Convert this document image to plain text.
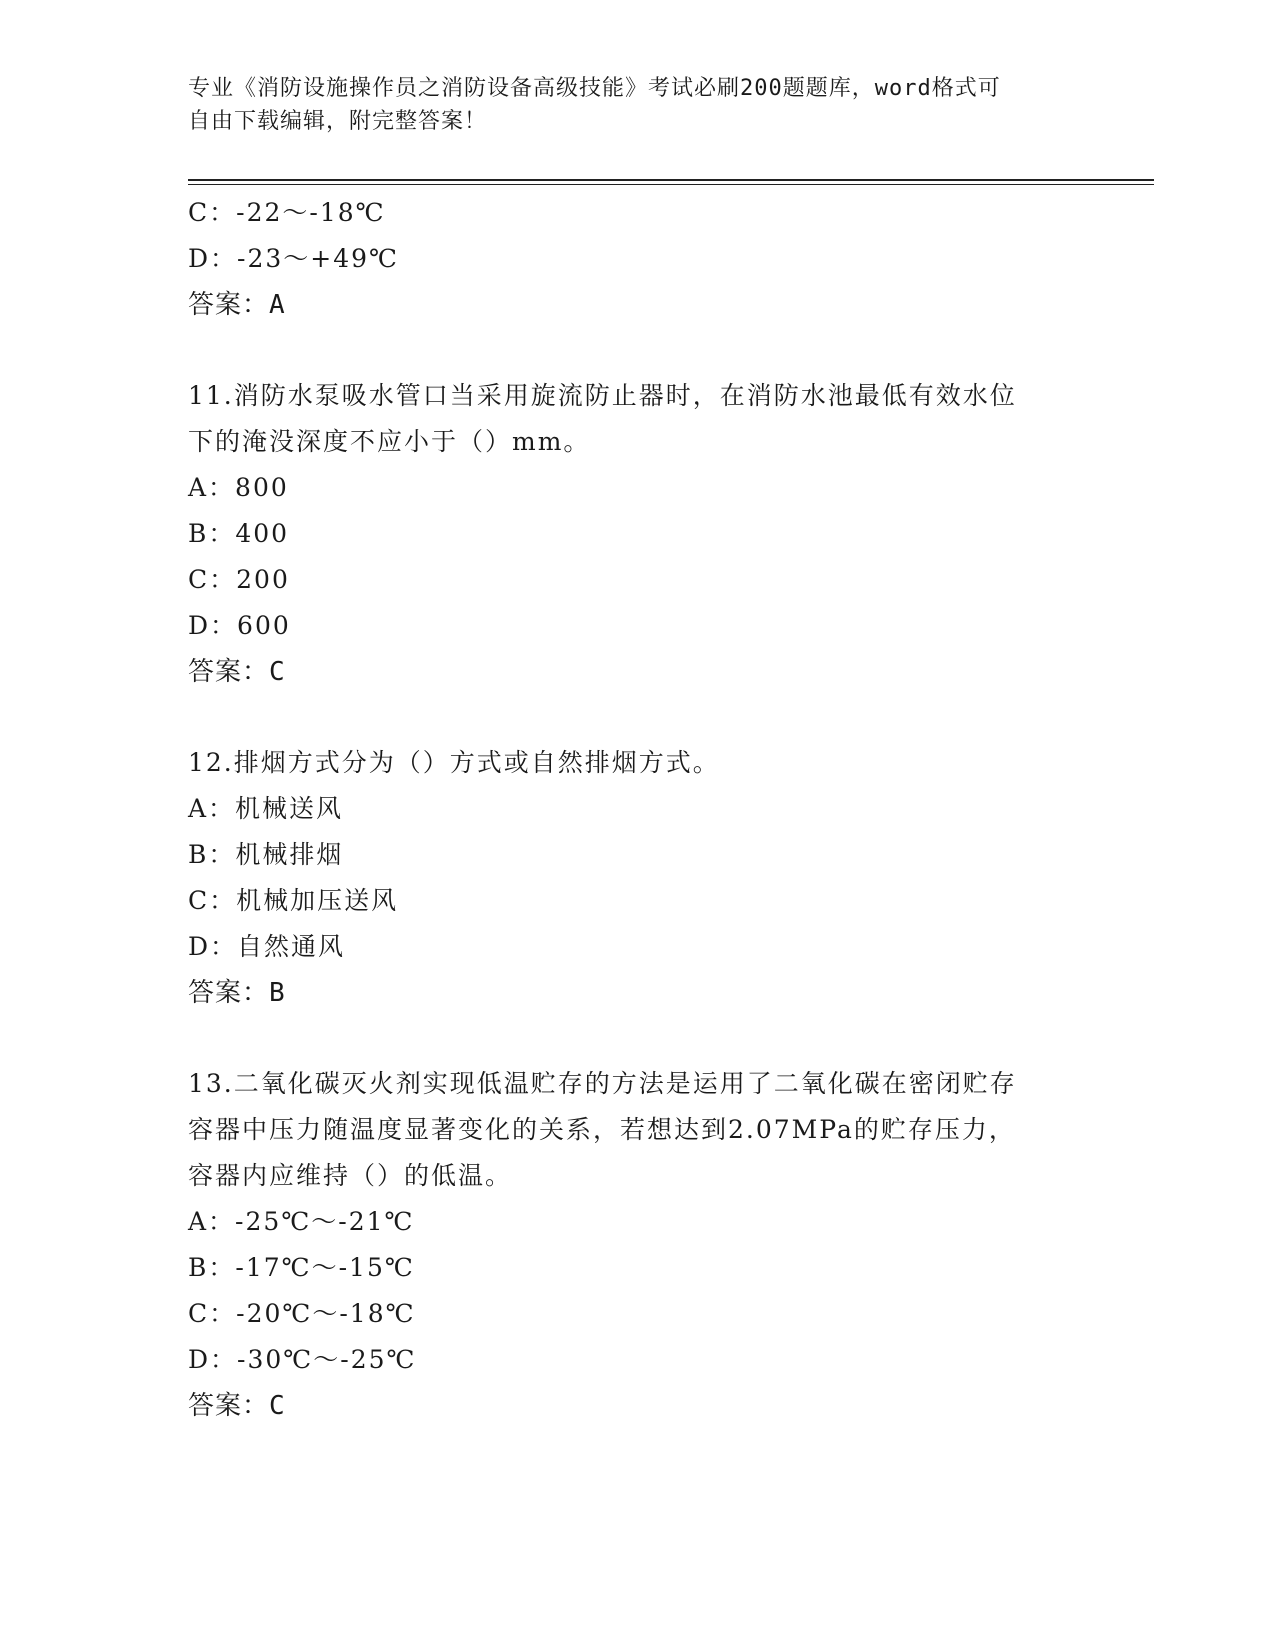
专业《消防设施操作员之消防设备高级技能》考试必刷200题题库，word格式可
自由下载编辑，附完整答案！
C：-22～-18℃
D：-23～+49℃
答案：A
11.消防水泵吸水管口当采用旋流防止器时，在消防水池最低有效水位
下的淹没深度不应小于（）mm。
A：800
B：400
C：200
D：600
答案：C
12.排烟方式分为（）方式或自然排烟方式。
A：机械送风
B：机械排烟
C：机械加压送风
D：自然通风
答案：B
13.二氧化碳灭火剂实现低温贮存的方法是运用了二氧化碳在密闭贮存
容器中压力随温度显著变化的关系，若想达到2.07MPa的贮存压力，
容器内应维持（）的低温。
A：-25℃～-21℃
B：-17℃～-15℃
C：-20℃～-18℃
D：-30℃～-25℃
答案：C
